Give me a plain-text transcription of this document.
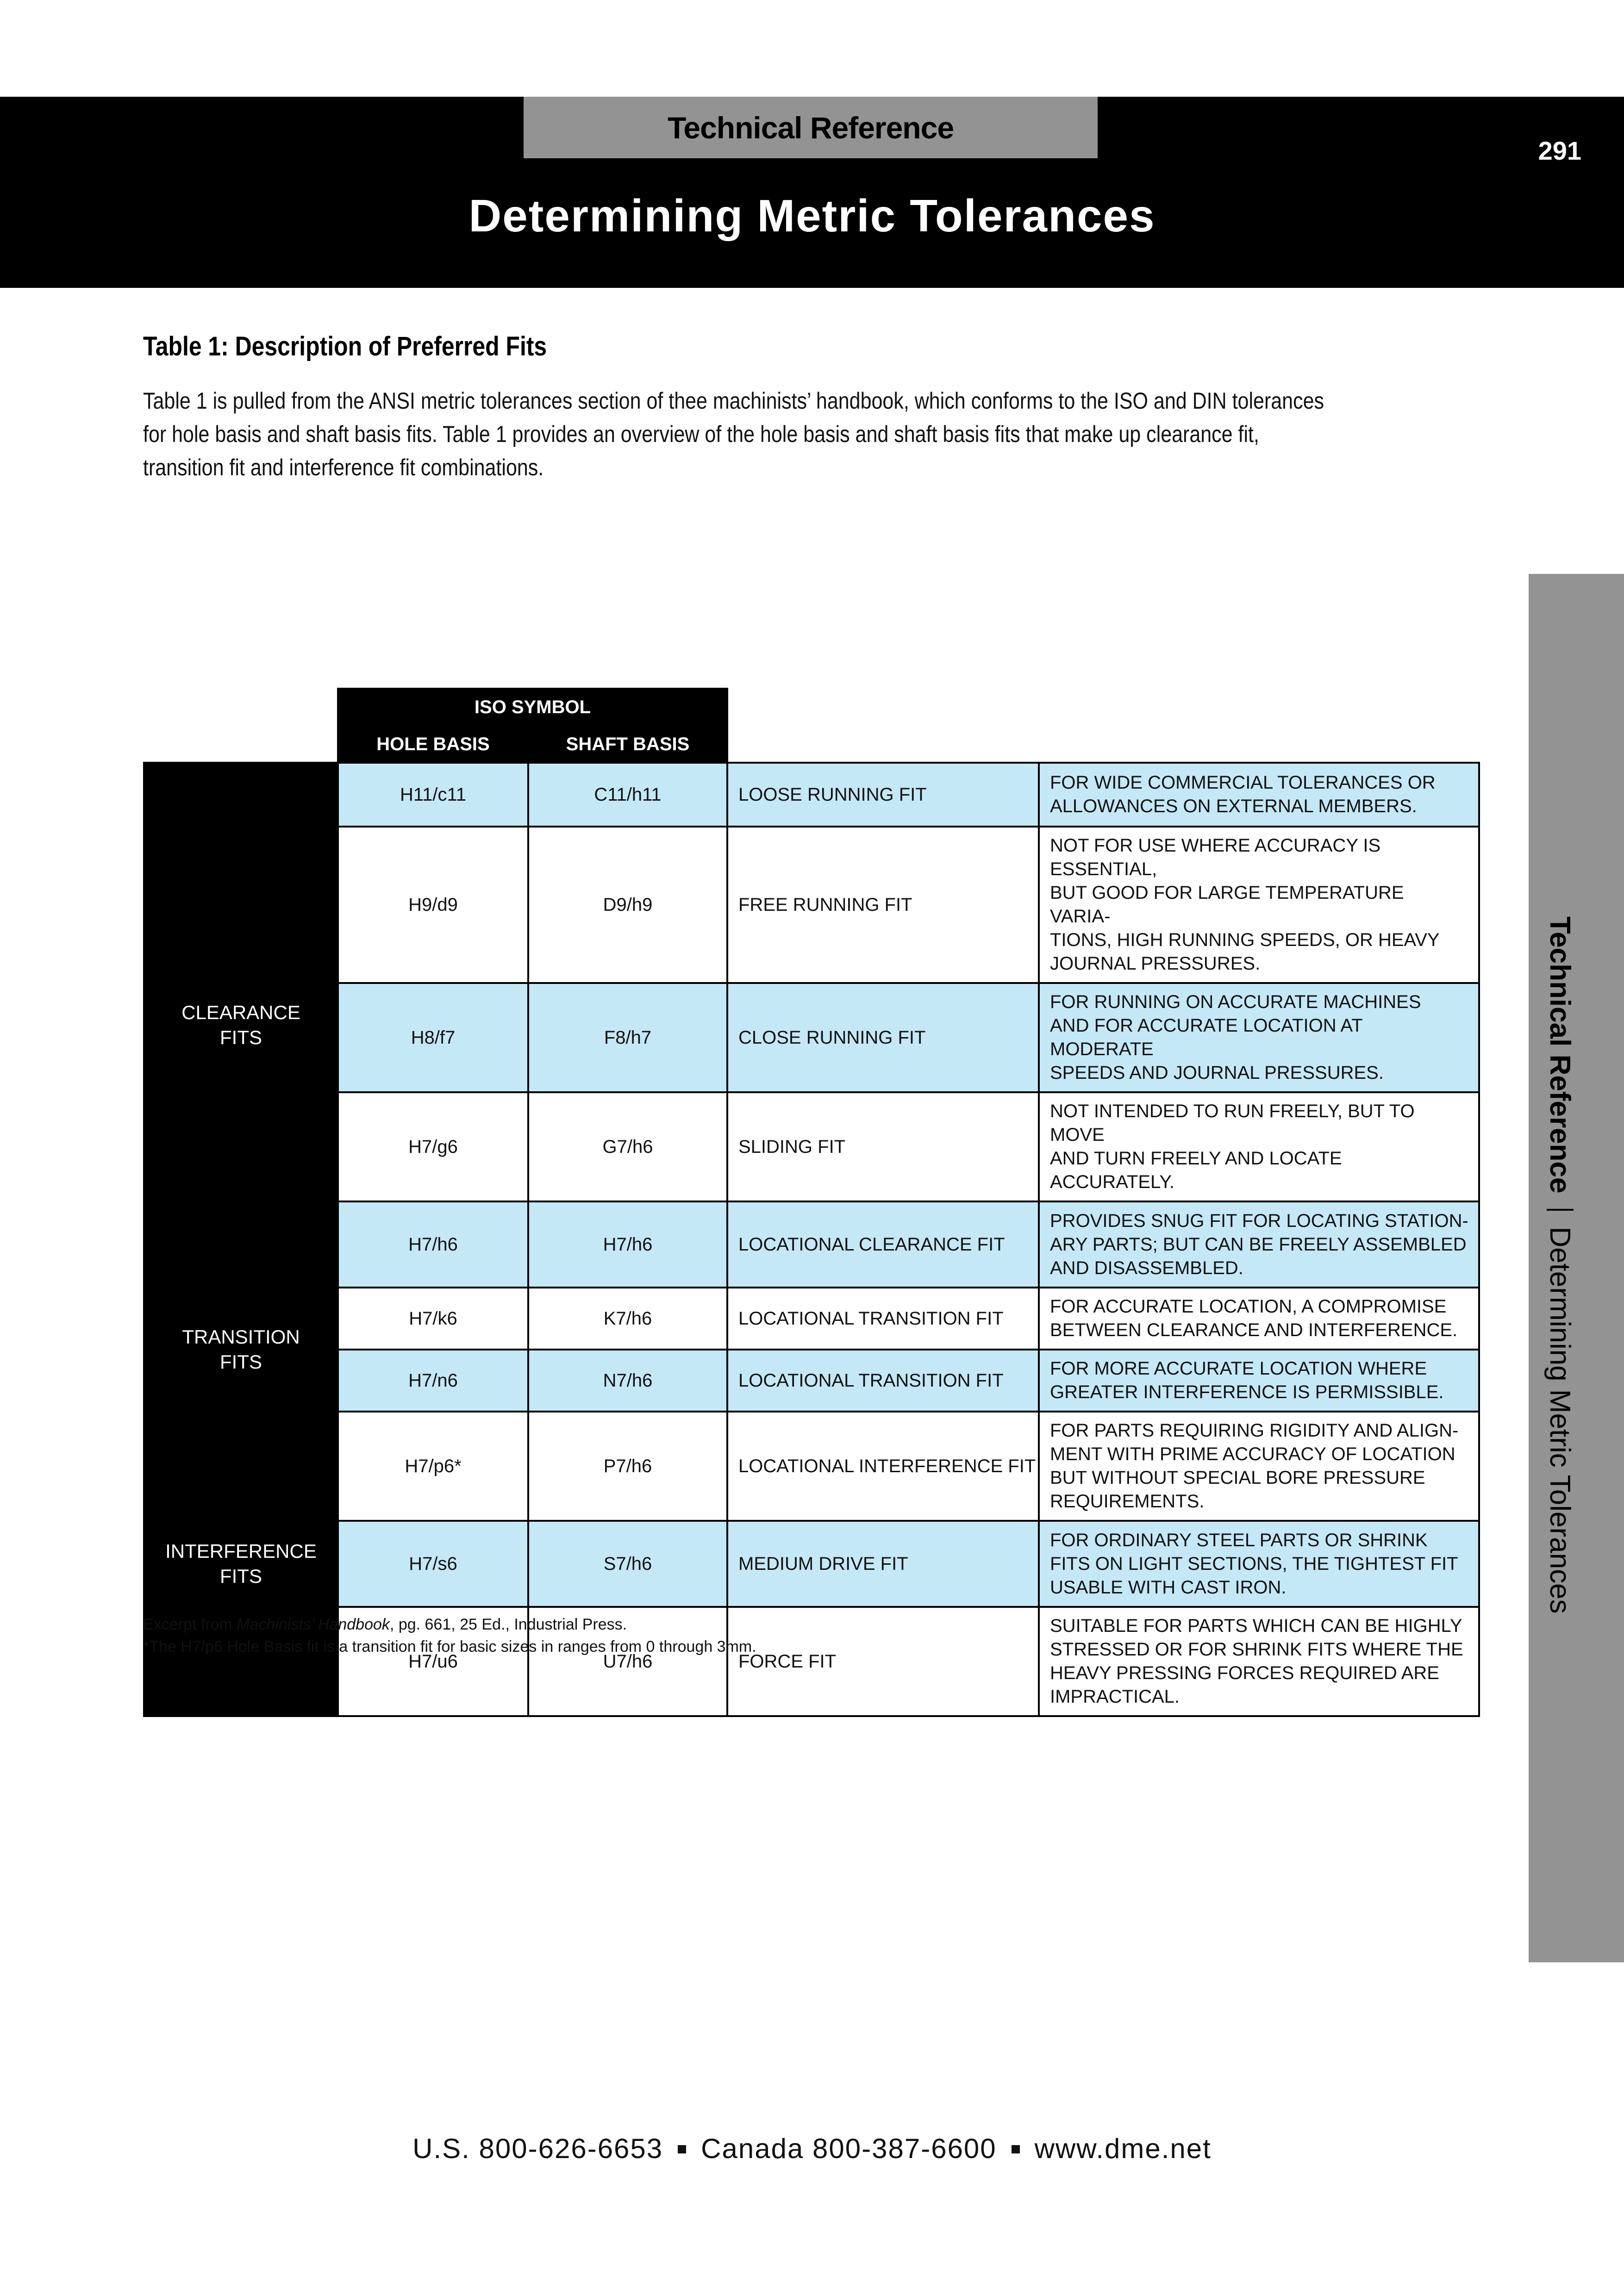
Technical Reference
291
Determining Metric Tolerances
Table 1: Description of Preferred Fits
Table 1 is pulled from the ANSI metric tolerances section of thee machinists’ handbook, which conforms to the ISO and DIN tolerances for hole basis and shaft basis fits. Table 1 provides an overview of the hole basis and shaft basis fits that make up clearance fit, transition fit and interference fit combinations.
Technical ReferenceDetermining Metric Tolerances
	ISO SYMBOL			
	HOLE BASIS	SHAFT BASIS		
CLEARANCE
FITS	H11/c11	C11/h11	LOOSE RUNNING FIT	FOR WIDE COMMERCIAL TOLERANCES OR
ALLOWANCES ON EXTERNAL MEMBERS.
	H9/d9	D9/h9	FREE RUNNING FIT	NOT FOR USE WHERE ACCURACY IS ESSENTIAL,
BUT GOOD FOR LARGE TEMPERATURE VARIA-
TIONS, HIGH RUNNING SPEEDS, OR HEAVY
JOURNAL PRESSURES.
	H8/f7	F8/h7	CLOSE RUNNING FIT	FOR RUNNING ON ACCURATE MACHINES
AND FOR ACCURATE LOCATION AT MODERATE
SPEEDS AND JOURNAL PRESSURES.
	H7/g6	G7/h6	SLIDING FIT	NOT INTENDED TO RUN FREELY, BUT TO MOVE
AND TURN FREELY AND LOCATE ACCURATELY.
	H7/h6	H7/h6	LOCATIONAL CLEARANCE FIT	PROVIDES SNUG FIT FOR LOCATING STATION-
ARY PARTS; BUT CAN BE FREELY ASSEMBLED
AND DISASSEMBLED.
TRANSITION
FITS	H7/k6	K7/h6	LOCATIONAL TRANSITION FIT	FOR ACCURATE LOCATION, A COMPROMISE
BETWEEN CLEARANCE AND INTERFERENCE.
	H7/n6	N7/h6	LOCATIONAL TRANSITION FIT	FOR MORE ACCURATE LOCATION WHERE
GREATER INTERFERENCE IS PERMISSIBLE.
INTERFERENCE
FITS	H7/p6*	P7/h6	LOCATIONAL INTERFERENCE FIT	FOR PARTS REQUIRING RIGIDITY AND ALIGN-
MENT WITH PRIME ACCURACY OF LOCATION
BUT WITHOUT SPECIAL BORE PRESSURE
REQUIREMENTS.
	H7/s6	S7/h6	MEDIUM DRIVE FIT	FOR ORDINARY STEEL PARTS OR SHRINK
FITS ON LIGHT SECTIONS, THE TIGHTEST FIT
USABLE WITH CAST IRON.
	H7/u6	U7/h6	FORCE FIT	SUITABLE FOR PARTS WHICH CAN BE HIGHLY
STRESSED OR FOR SHRINK FITS WHERE THE
HEAVY PRESSING FORCES REQUIRED ARE
IMPRACTICAL.
Excerpt from Machinists’ Handbook, pg. 661, 25 Ed., Industrial Press.
*The H7/p6 Hole Basis fit is a transition fit for basic sizes in ranges from 0 through 3mm.
U.S. 800-626-6653 Canada 800-387-6600 www.dme.net
